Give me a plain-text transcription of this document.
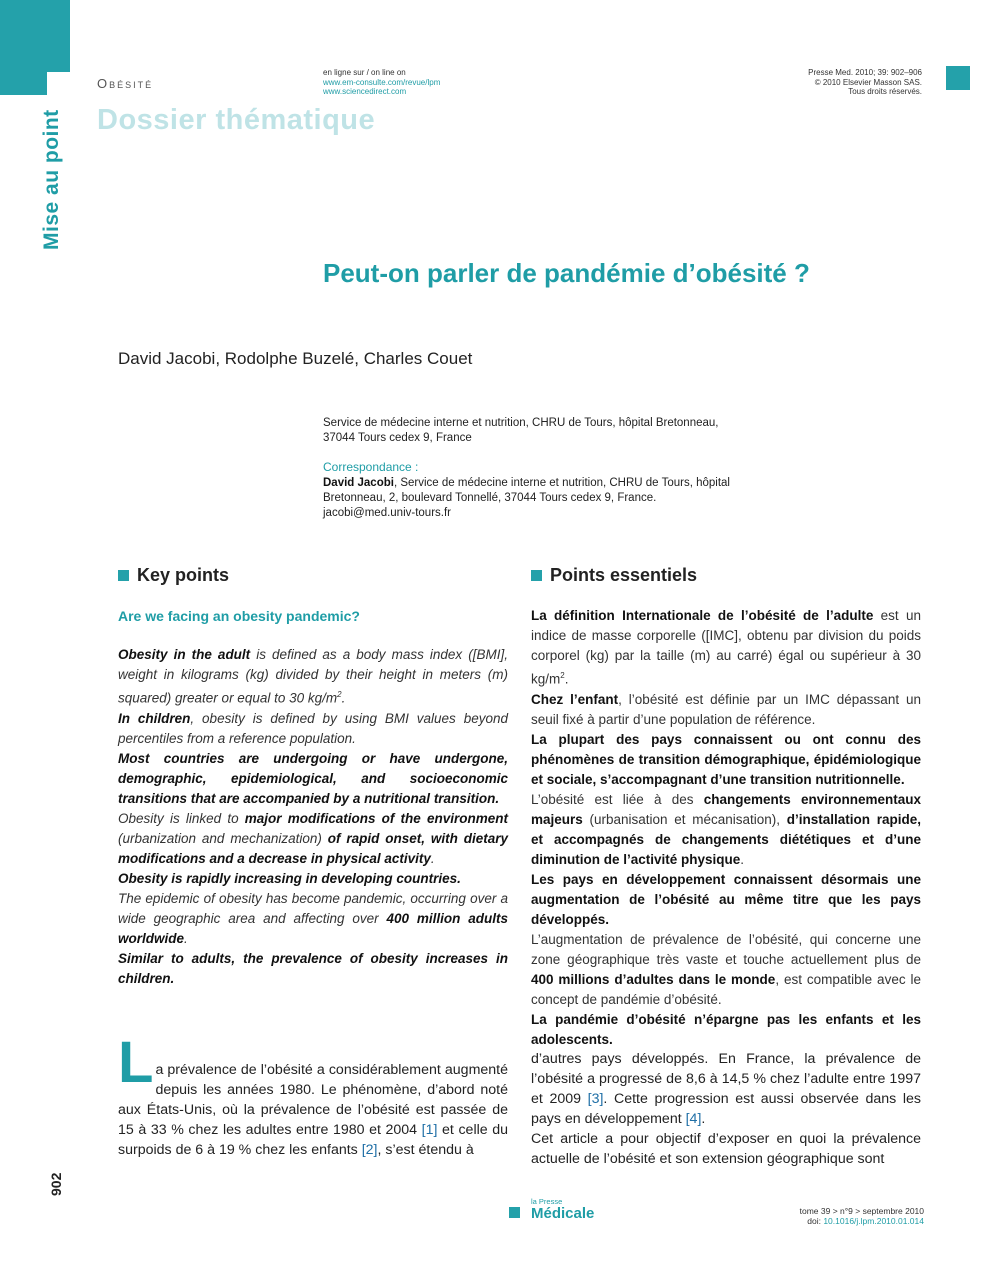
Obésité
Dossier thématique
Mise au point
en ligne sur / on line on
www.em-consulte.com/revue/lpm
www.sciencedirect.com
Presse Med. 2010; 39: 902–906
© 2010 Elsevier Masson SAS.
Tous droits réservés.
Peut-on parler de pandémie d’obésité ?
David Jacobi, Rodolphe Buzelé, Charles Couet
Service de médecine interne et nutrition, CHRU de Tours, hôpital Bretonneau,
37044 Tours cedex 9, France
Correspondance :
David Jacobi, Service de médecine interne et nutrition, CHRU de Tours, hôpital Bretonneau, 2, boulevard Tonnellé, 37044 Tours cedex 9, France.
jacobi@med.univ-tours.fr
Key points
Are we facing an obesity pandemic?

Obesity in the adult is defined as a body mass index ([BMI], weight in kilograms (kg) divided by their height in meters (m) squared) greater or equal to 30 $kg/m^2$.

In children, obesity is defined by using BMI values beyond percentiles from a reference population.

Most countries are undergoing or have undergone, demographic, epidemiological, and socioeconomic transitions that are accompanied by a nutritional transition.

Obesity is linked to major modifications of the environment (urbanization and mechanization) of rapid onset, with dietary modifications and a decrease in physical activity.

Obesity is rapidly increasing in developing countries.

The epidemic of obesity has become pandemic, occurring over a wide geographic area and affecting over 400 million adults worldwide.

Similar to adults, the prevalence of obesity increases in children.

Points essentiels

La définition Internationale de l’obésité de l’adulte est un indice de masse corporelle ([IMC], obtenu par division du poids corporel (kg) par la taille (m) au carré) égal ou supérieur à 30 $kg/m^2$.

Chez l’enfant, l’obésité est définie par un IMC dépassant un seuil fixé à partir d’une population de référence.

La plupart des pays connaissent ou ont connu des phénomènes de transition démographique, épidémiologique et sociale, s’accompagnant d’une transition nutritionnelle.

L’obésité est liée à des changements environnementaux majeurs (urbanisation et mécanisation), d’installation rapide, et accompagnés de changements diététiques et d’une diminution de l’activité physique.

Les pays en développement connaissent désormais une augmentation de l’obésité au même titre que les pays développés.

L’augmentation de prévalence de l’obésité, qui concerne une zone géographique très vaste et touche actuellement plus de 400 millions d’adultes dans le monde, est compatible avec le concept de pandémie d’obésité.

La pandémie d’obésité n’épargne pas les enfants et les adolescents.

La prévalence de l’obésité a considérablement augmenté depuis les années 1980. Le phénomène, d’abord noté aux États-Unis, où la prévalence de l’obésité est passée de 15 à 33 % chez les adultes entre 1980 et 2004 [1] et celle du surpoids de 6 à 19 % chez les enfants [2], s’est étendu à

d’autres pays développés. En France, la prévalence de l’obésité a progressé de 8,6 à 14,5 % chez l’adulte entre 1997 et 2009 [3]. Cette progression est aussi observée dans les pays en développement [4].

Cet article a pour objectif d’exposer en quoi la prévalence actuelle de l’obésité et son extension géographique sont

902
la Presse
Médicale	tome 39 > n°9 > septembre 2010
doi: 10.1016/j.lpm.2010.01.014
